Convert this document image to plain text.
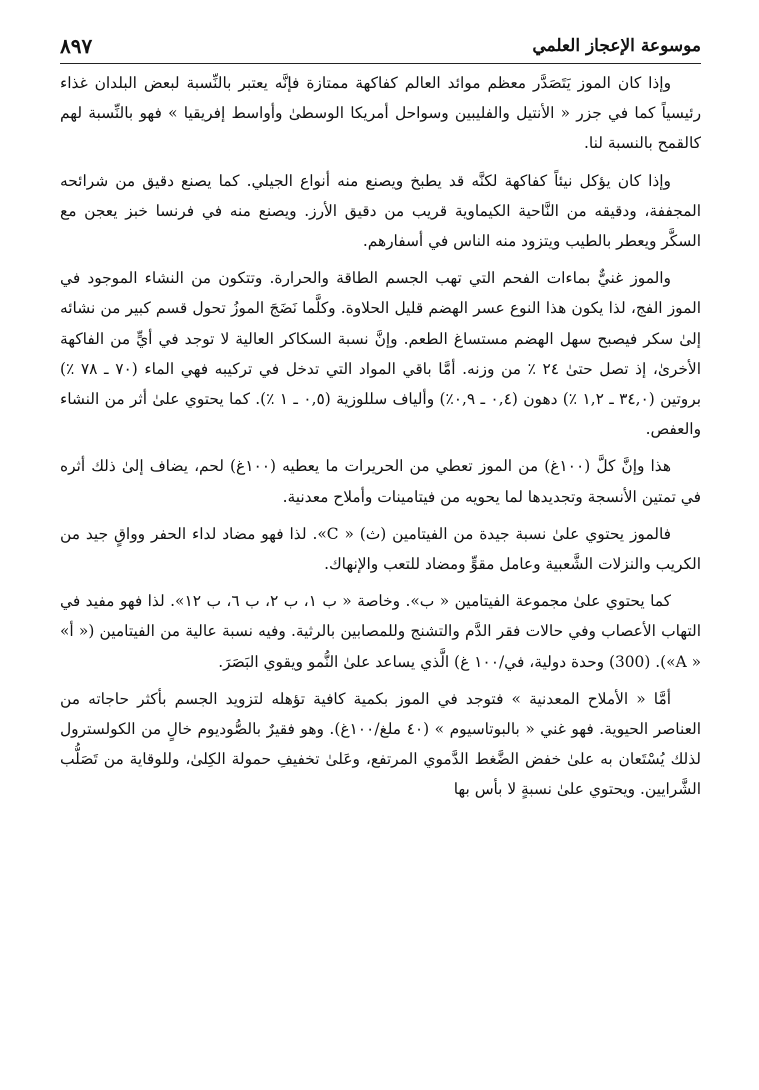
موسوعة الإعجاز العلمي
٨٩٧

وإذا كان الموز يَتَصَدَّر معظم موائد العالم كفاكهة ممتازة فإنَّه يعتبر بالنِّسبة لبعض البلدان غذاء رئيسياً كما في جزر « الأنتيل والفليبين وسواحل أمريكا الوسطىٰ وأواسط إفريقيا » فهو بالنِّسبة لهم كالقمح بالنسبة لنا.

وإذا كان يؤكل نيئاً كفاكهة لكنَّه قد يطبخ ويصنع منه أنواع الجيلي. كما يصنع دقيق من شرائحه المجففة، ودقيقه من النَّاحية الكيماوية قريب من دقيق الأرز. ويصنع منه في فرنسا خبز يعجن مع السكَّر ويعطر بالطيب ويتزود منه الناس في أسفارهم.

والموز غنيٌّ بماءات الفحم التي تهب الجسم الطاقة والحرارة. وتتكون من النشاء الموجود في الموز الفج، لذا يكون هذا النوع عسر الهضم قليل الحلاوة. وكلَّما نَضَجَ الموزُ تحول قسم كبير من نشائه إلىٰ سكر فيصبح سهل الهضم مستساغ الطعم. وإنَّ نسبة السكاكر العالية لا توجد في أيٍّ من الفاكهة الأخرىٰ، إذ تصل حتىٰ ٢٤ ٪ من وزنه. أمَّا باقي المواد التي تدخل في تركيبه فهي الماء (٧٠ ـ ٧٨ ٪) بروتين (٣٤,٠ ـ ١,٢ ٪) دهون (٠,٤ ـ ٠,٩٪) وألياف سللوزية (٠,٥ ـ ١ ٪). كما يحتوي علىٰ أثر من النشاء والعفص.

هذا وإنَّ كلَّ (١٠٠غ) من الموز تعطي من الحريرات ما يعطيه (١٠٠غ) لحم، يضاف إلىٰ ذلك أثره في تمتين الأنسجة وتجديدها لما يحويه من فيتامينات وأملاح معدنية.

فالموز يحتوي علىٰ نسبة جيدة من الفيتامين (ث) « C». لذا فهو مضاد لداء الحفر وواقٍ جيد من الكريب والنزلات الشَّعبية وعامل مقوٍّ ومضاد للتعب والإنهاك.

كما يحتوي علىٰ مجموعة الفيتامين « ب». وخاصة « ب ١، ب ٢، ب ٦، ب ١٢». لذا فهو مفيد في التهاب الأعصاب وفي حالات فقر الدَّم والتشنج وللمصابين بالرثية. وفيه نسبة عالية من الفيتامين (« أ» « A»). (300) وحدة دولية، في/١٠٠ غ) الَّذي يساعد علىٰ النُّمو ويقوي البَصَرَ.

أمَّا « الأملاح المعدنية » فتوجد في الموز بكمية كافية تؤهله لتزويد الجسم بأكثر حاجاته من العناصر الحيوية. فهو غني « بالبوتاسيوم » (٤٠ ملغ/١٠٠غ). وهو فقيرٌ بالصُّوديوم خالٍ من الكولسترول لذلك يُسْتَعان به علىٰ خفض الضَّغط الدَّموي المرتفع، وعَلىٰ تخفيفِ حمولة الكِلىٰ، وللوقاية من تَصَلُّب الشَّرايين. ويحتوي علىٰ نسبةٍ لا بأس بها
